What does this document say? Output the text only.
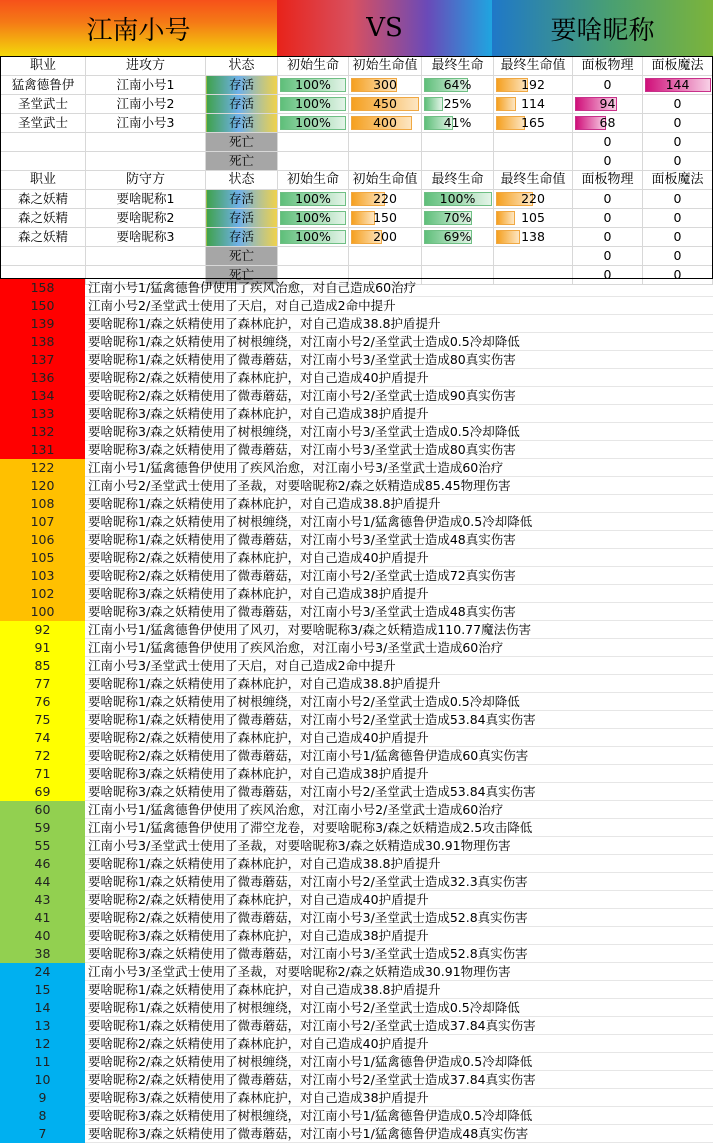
江南小号	VS	要啥昵称
职业	进攻方	状态	初始生命	初始生命值	最终生命	最终生命值	面板物理	面板魔法
猛禽德鲁伊	江南小号1	存活	100%	300	64%	192	0	144
圣堂武士	江南小号2	存活	100%	450	25%	114	94	0
圣堂武士	江南小号3	存活	100%	400	41%	165	68	0
		死亡					0	0
		死亡					0	0
职业	防守方	状态	初始生命	初始生命值	最终生命	最终生命值	面板物理	面板魔法
森之妖精	要啥昵称1	存活	100%	220	100%	220	0	0
森之妖精	要啥昵称2	存活	100%	150	70%	105	0	0
森之妖精	要啥昵称3	存活	100%	200	69%	138	0	0
		死亡					0	0
		死亡					0	0
158	江南小号1/猛禽德鲁伊使用了疾风治愈，对自己造成60治疗
150	江南小号2/圣堂武士使用了天启，对自己造成2命中提升
139	要啥昵称1/森之妖精使用了森林庇护，对自己造成38.8护盾提升
138	要啥昵称1/森之妖精使用了树根缠绕，对江南小号2/圣堂武士造成0.5冷却降低
137	要啥昵称1/森之妖精使用了微毒蘑菇，对江南小号3/圣堂武士造成80真实伤害
136	要啥昵称2/森之妖精使用了森林庇护，对自己造成40护盾提升
134	要啥昵称2/森之妖精使用了微毒蘑菇，对江南小号2/圣堂武士造成90真实伤害
133	要啥昵称3/森之妖精使用了森林庇护，对自己造成38护盾提升
132	要啥昵称3/森之妖精使用了树根缠绕，对江南小号3/圣堂武士造成0.5冷却降低
131	要啥昵称3/森之妖精使用了微毒蘑菇，对江南小号3/圣堂武士造成80真实伤害
122	江南小号1/猛禽德鲁伊使用了疾风治愈，对江南小号3/圣堂武士造成60治疗
120	江南小号2/圣堂武士使用了圣裁，对要啥昵称2/森之妖精造成85.45物理伤害
108	要啥昵称1/森之妖精使用了森林庇护，对自己造成38.8护盾提升
107	要啥昵称1/森之妖精使用了树根缠绕，对江南小号1/猛禽德鲁伊造成0.5冷却降低
106	要啥昵称1/森之妖精使用了微毒蘑菇，对江南小号3/圣堂武士造成48真实伤害
105	要啥昵称2/森之妖精使用了森林庇护，对自己造成40护盾提升
103	要啥昵称2/森之妖精使用了微毒蘑菇，对江南小号2/圣堂武士造成72真实伤害
102	要啥昵称3/森之妖精使用了森林庇护，对自己造成38护盾提升
100	要啥昵称3/森之妖精使用了微毒蘑菇，对江南小号3/圣堂武士造成48真实伤害
92	江南小号1/猛禽德鲁伊使用了风刃，对要啥昵称3/森之妖精造成110.77魔法伤害
91	江南小号1/猛禽德鲁伊使用了疾风治愈，对江南小号3/圣堂武士造成60治疗
85	江南小号3/圣堂武士使用了天启，对自己造成2命中提升
77	要啥昵称1/森之妖精使用了森林庇护，对自己造成38.8护盾提升
76	要啥昵称1/森之妖精使用了树根缠绕，对江南小号2/圣堂武士造成0.5冷却降低
75	要啥昵称1/森之妖精使用了微毒蘑菇，对江南小号2/圣堂武士造成53.84真实伤害
74	要啥昵称2/森之妖精使用了森林庇护，对自己造成40护盾提升
72	要啥昵称2/森之妖精使用了微毒蘑菇，对江南小号1/猛禽德鲁伊造成60真实伤害
71	要啥昵称3/森之妖精使用了森林庇护，对自己造成38护盾提升
69	要啥昵称3/森之妖精使用了微毒蘑菇，对江南小号2/圣堂武士造成53.84真实伤害
60	江南小号1/猛禽德鲁伊使用了疾风治愈，对江南小号2/圣堂武士造成60治疗
59	江南小号1/猛禽德鲁伊使用了滞空龙卷，对要啥昵称3/森之妖精造成2.5攻击降低
55	江南小号3/圣堂武士使用了圣裁，对要啥昵称3/森之妖精造成30.91物理伤害
46	要啥昵称1/森之妖精使用了森林庇护，对自己造成38.8护盾提升
44	要啥昵称1/森之妖精使用了微毒蘑菇，对江南小号2/圣堂武士造成32.3真实伤害
43	要啥昵称2/森之妖精使用了森林庇护，对自己造成40护盾提升
41	要啥昵称2/森之妖精使用了微毒蘑菇，对江南小号3/圣堂武士造成52.8真实伤害
40	要啥昵称3/森之妖精使用了森林庇护，对自己造成38护盾提升
38	要啥昵称3/森之妖精使用了微毒蘑菇，对江南小号3/圣堂武士造成52.8真实伤害
24	江南小号3/圣堂武士使用了圣裁，对要啥昵称2/森之妖精造成30.91物理伤害
15	要啥昵称1/森之妖精使用了森林庇护，对自己造成38.8护盾提升
14	要啥昵称1/森之妖精使用了树根缠绕，对江南小号2/圣堂武士造成0.5冷却降低
13	要啥昵称1/森之妖精使用了微毒蘑菇，对江南小号2/圣堂武士造成37.84真实伤害
12	要啥昵称2/森之妖精使用了森林庇护，对自己造成40护盾提升
11	要啥昵称2/森之妖精使用了树根缠绕，对江南小号1/猛禽德鲁伊造成0.5冷却降低
10	要啥昵称2/森之妖精使用了微毒蘑菇，对江南小号2/圣堂武士造成37.84真实伤害
9	要啥昵称3/森之妖精使用了森林庇护，对自己造成38护盾提升
8	要啥昵称3/森之妖精使用了树根缠绕，对江南小号1/猛禽德鲁伊造成0.5冷却降低
7	要啥昵称3/森之妖精使用了微毒蘑菇，对江南小号1/猛禽德鲁伊造成48真实伤害
